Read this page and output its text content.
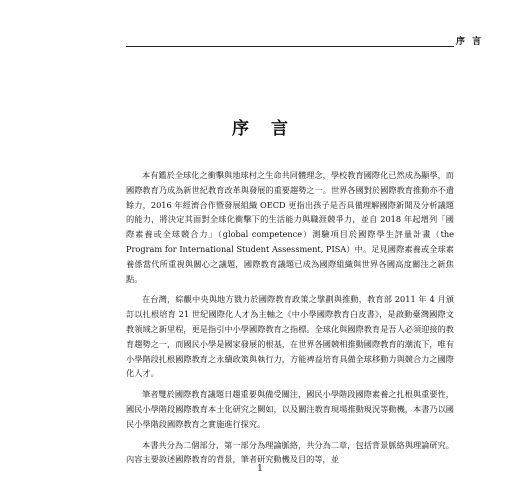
序 言
序 言

本有鑑於全球化之衝擊與地球村之生命共同體理念，學校教育國際化已然成為顯學，而國際教育乃成為新世紀教育改革與發展的重要趨勢之一。世界各國對於國際教育推動亦不遺餘力，2016 年經濟合作暨發展組織 OECD 更指出孩子是否具備理解國際新聞及分析議題的能力，將決定其面對全球化衝擊下的生活能力與職涯競爭力，並自 2018 年起增列「國際素養或全球競合力」（global competence）測驗項目於國際學生評量計畫（the Program for International Student Assessment, PISA）中。足見國際素養或全球素養係當代所重視與關心之議題，國際教育議題已成為國際組織與世界各國高度關注之新焦點。

在台灣，綜觀中央與地方戮力於國際教育政策之擘劃與推動，教育部 2011 年 4 月頒訂以扎根培育 21 世紀國際化人才為主軸之《中小學國際教育白皮書》，是啟動臺灣國際文教領域之新里程，更是指引中小學國際教育之指標。全球化與國際教育是吾人必須迎接的教育趨勢之一，而國民小學是國家發展的根基，在世界各國競相推動國際教育的潮流下，唯有小學階段扎根國際教育之永續政策與執行力，方能裨益培育具備全球移動力與競合力之國際化人才。

筆者雙於國際教育議題日趨重要與備受關注，國民小學階段國際素養之扎根與重要性，國民小學階段國際教育本土化研究之闕如，以及關注教育現場推動現況等動機，本書乃以國民小學階段國際教育之實施進行探究。

本書共分為二個部分，第一部分為理論脈絡，共分為二章，包括背景脈絡與理論研究。內容主要敘述國際教育的背景，筆者研究動機及目的等，並

1
